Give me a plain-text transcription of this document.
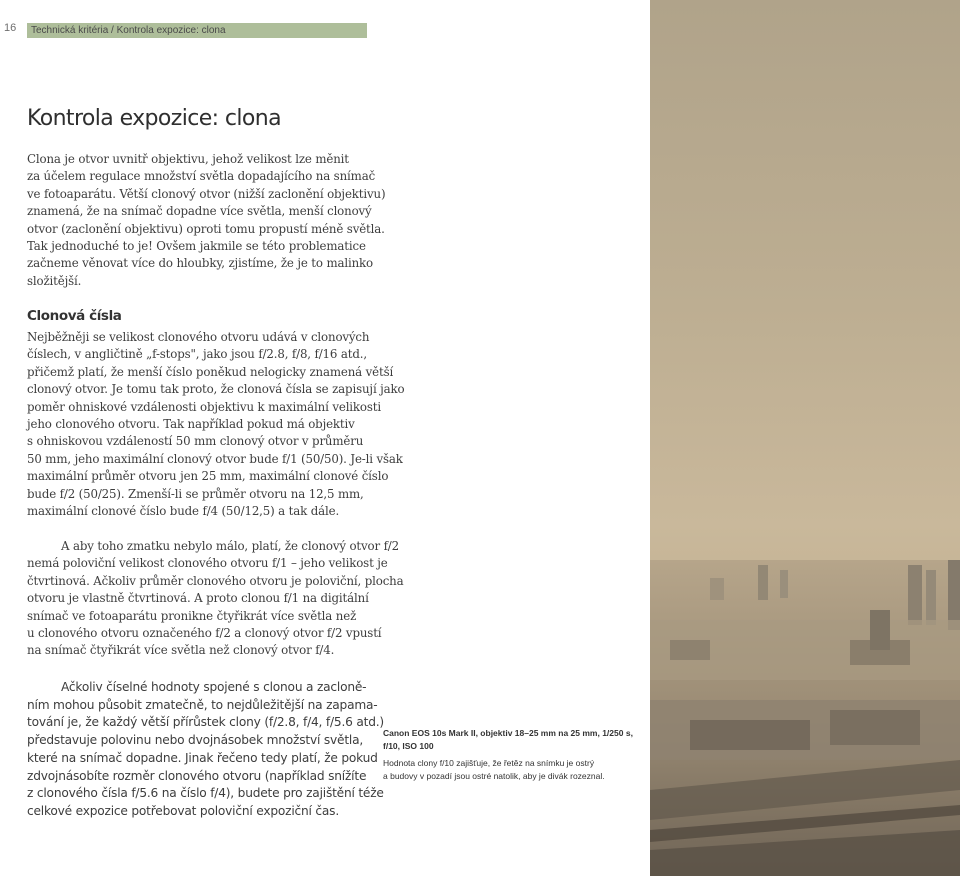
16	Technická kritéria / Kontrola expozice: clona
Kontrola expozice: clona

Clona je otvor uvnitř objektivu, jehož velikost lze měnit
za účelem regulace množství světla dopadajícího na snímač
ve fotoaparátu. Větší clonový otvor (nižší zaclonění objektivu)
znamená, že na snímač dopadne více světla, menší clonový
otvor (zaclonění objektivu) oproti tomu propustí méně světla.
Tak jednoduché to je! Ovšem jakmile se této problematice
začneme věnovat více do hloubky, zjistíme, že je to malinko
složitější.

Clonová čísla

Nejběžněji se velikost clonového otvoru udává v clonových
číslech, v angličtině „f-stops", jako jsou f/2.8, f/8, f/16 atd.,
přičemž platí, že menší číslo poněkud nelogicky znamená větší
clonový otvor. Je tomu tak proto, že clonová čísla se zapisují jako
poměr ohniskové vzdálenosti objektivu k maximální velikosti
jeho clonového otvoru. Tak například pokud má objektiv
s ohniskovou vzdáleností 50 mm clonový otvor v průměru
50 mm, jeho maximální clonový otvor bude f/1 (50/50). Je-li však
maximální průměr otvoru jen 25 mm, maximální clonové číslo
bude f/2 (50/25). Zmenší-li se průměr otvoru na 12,5 mm,
maximální clonové číslo bude f/4 (50/12,5) a tak dále.

A aby toho zmatku nebylo málo, platí, že clonový otvor f/2
nemá poloviční velikost clonového otvoru f/1 – jeho velikost je
čtvrtinová. Ačkoliv průměr clonového otvoru je poloviční, plocha
otvoru je vlastně čtvrtinová. A proto clonou f/1 na digitální
snímač ve fotoaparátu pronikne čtyřikrát více světla než
u clonového otvoru označeného f/2 a clonový otvor f/2 vpustí
na snímač čtyřikrát více světla než clonový otvor f/4.

Ačkoliv číselné hodnoty spojené s clonou a zacloně-
ním mohou působit zmatečně, to nejdůležitější na zapama-
tování je, že každý větší přírůstek clony (f/2.8, f/4, f/5.6 atd.)
představuje polovinu nebo dvojnásobek množství světla,
které na snímač dopadne. Jinak řečeno tedy platí, že pokud
zdvojnásobíte rozměr clonového otvoru (například snížíte
z clonového čísla f/5.6 na číslo f/4), budete pro zajištění téže
celkové expozice potřebovat poloviční expoziční čas.

Canon EOS 10s Mark II, objektiv 18–25 mm na 25 mm, 1/250 s,
f/10, ISO 100
Hodnota clony f/10 zajišťuje, že řetěz na snímku je ostrý
a budovy v pozadí jsou ostré natolik, aby je divák rozeznal.
